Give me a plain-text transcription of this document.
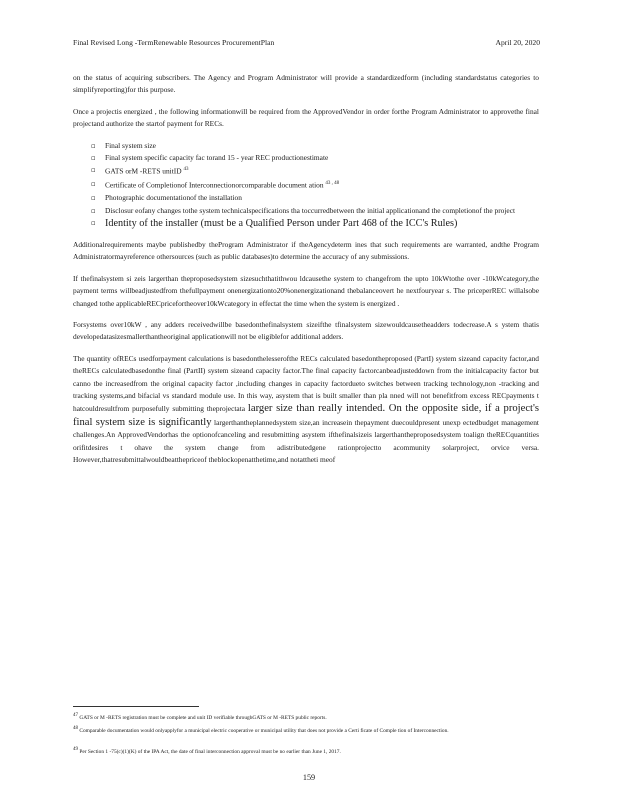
Final Revised Long -TermRenewable Resources ProcurementPlan	April 20, 2020

on the status of acquiring subscribers. The Agency and Program Administrator will provide a standardizedform (including standardstatus categories to simplifyreporting)for this purpose.

Once a projectis energized , the following informationwill be required from the ApprovedVendor in order forthe Program Administrator to approvethe final projectand authorize the startof payment for RECs.

▫ Final system size
▫ Final system specific capacity fac torand 15 - year REC productionestimate
▫ GATS orM -RETS unitID $^{43}$
▫ Certificate of Completionof Interconnectionorcomparable document ation $^{43 , 48}$
▫ Photographic documentationof the installation
▫ Disclosur eofany changes tothe system technicalspecifications tha toccurredbetween the initial applicationand the completionof the project
▫ Identity of the installer (must be a Qualified Person under Part 468 of the ICC's Rules)

Additionalrequirements maybe publishedby theProgram Administrator if theAgencydeterm ines that such requirements are warranted, andthe Program Administratormayreference othersources (such as public databases)to determine the accuracy of any submissions.

If thefinalsystem si zeis largerthan theproposedsystem sizesuchthatithwou ldcausethe system to changefrom the upto 10kWtothe over -10kWcategory,the payment terms willbeadjustedfrom thefullpayment onenergizationto20%onenergizationand thebalanceovert he nextfouryear s. The priceperREC willalsobe changed tothe applicableRECpricefortheover10kWcategory in effectat the time when the system is energized .

Forsystems over10kW , any adders receivedwillbe basedonthefinalsystem sizeifthe tfinalsystem sizewouldcausetheadders todecrease.A s ystem thatis developedatasizesmallerthantheoriginal applicationwill not be eligiblefor additional adders.

The quantity ofRECs usedforpayment calculations is basedonthelesserofthe RECs calculated basedontheproposed (PartI) system sizeand capacity factor,and theRECs calculatedbasedonthe final (PartII) system sizeand capacity factor.The final capacity factorcanbeadjusteddown from the initialcapacity factor but canno tbe increasedfrom the original capacity factor ,including changes in capacity factordueto switches between tracking technology,non -tracking and tracking systems,and bifacial vs standard module use. In this way, asystem that is built smaller than pla nned will not benefitfrom excess RECpayments t hatcouldresultfrom purposefully submitting theprojectata larger size than really intended. On the opposite side, if a project's final system size is significantly largerthantheplannedsystem size,an increasein thepayment duecouldpresent unexp ectedbudget management challenges.An ApprovedVendorhas the optionofcanceling and resubmitting asystem ifthefinalsizeis largerthantheproposedsystem toalign theRECquantities orifitdesires t ohave the system change from adistributedgene rationprojectto acommunity solarproject, orvice versa. However,thatresubmittalwouldbeatthepriceof theblockopenatthetime,and notattheti meof

$^{47}$ GATS or M -RETS registration must be complete and unit ID verifiable throughGATS or M -RETS public reports.
$^{48}$ Comparable documentation would onlyapplyfor a municipal electric cooperative or municipal utility that does not provide a Certi ficate of Comple tion of Interconnection.
$^{49}$ Per Section 1 -75(c)(1)(K) of the IPA Act, the date of final interconnection approval must be no earlier than June 1, 2017.
159
